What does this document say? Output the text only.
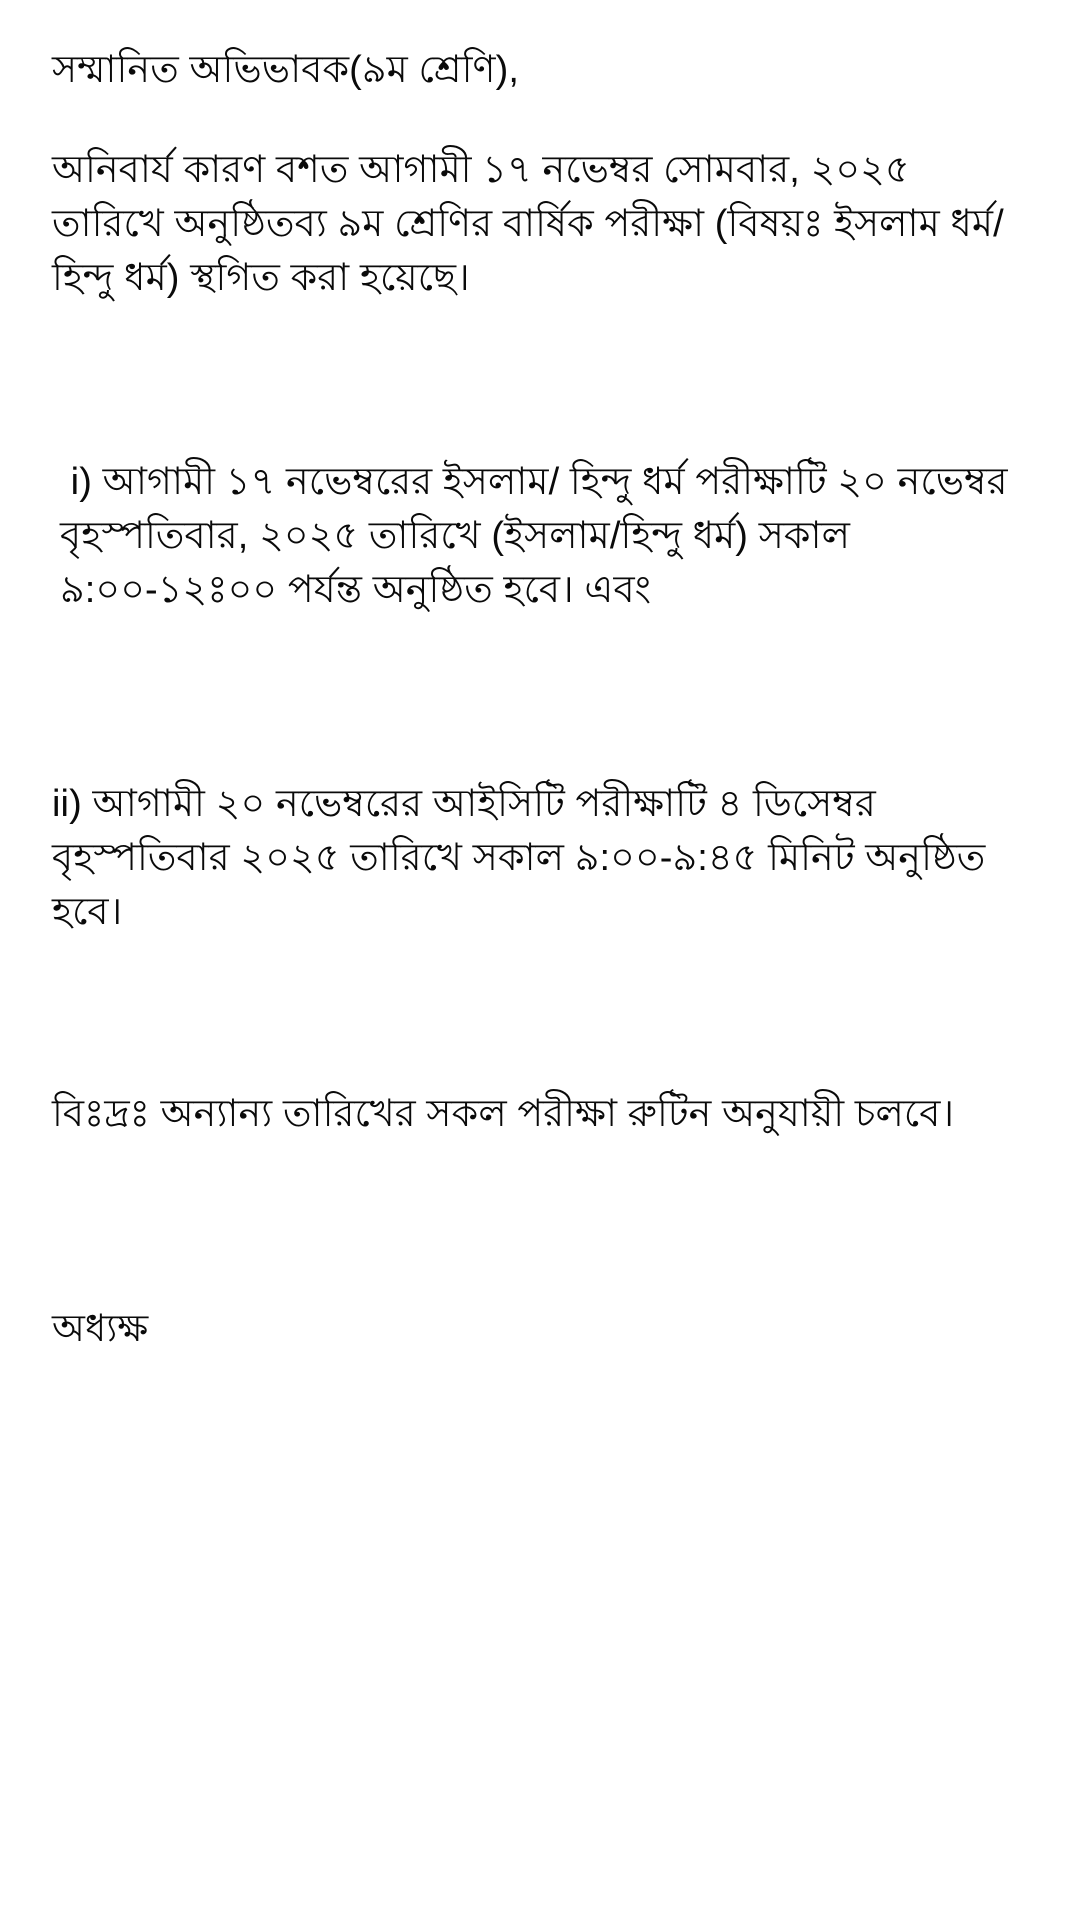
সম্মানিত অভিভাবক(৯ম শ্রেণি),
অনিবার্য কারণ বশত আগামী ১৭ নভেম্বর সোমবার, ২০২৫ তারিখে অনুষ্ঠিতব্য ৯ম শ্রেণির বার্ষিক পরীক্ষা (বিষয়ঃ ইসলাম ধর্ম/হিন্দু ধর্ম) স্থগিত করা হয়েছে।
i) আগামী ১৭ নভেম্বরের ইসলাম/ হিন্দু ধর্ম পরীক্ষাটি ২০ নভেম্বর বৃহস্পতিবার, ২০২৫ তারিখে (ইসলাম/হিন্দু ধর্ম) সকাল ৯:০০-১২ঃ০০ পর্যন্ত অনুষ্ঠিত হবে। এবং
ii) আগামী ২০ নভেম্বরের আইসিটি পরীক্ষাটি ৪ ডিসেম্বর বৃহস্পতিবার ২০২৫ তারিখে সকাল ৯:০০-৯:৪৫ মিনিট অনুষ্ঠিত হবে।
বিঃদ্রঃ অন্যান্য তারিখের সকল পরীক্ষা রুটিন অনুযায়ী চলবে।
অধ্যক্ষ
